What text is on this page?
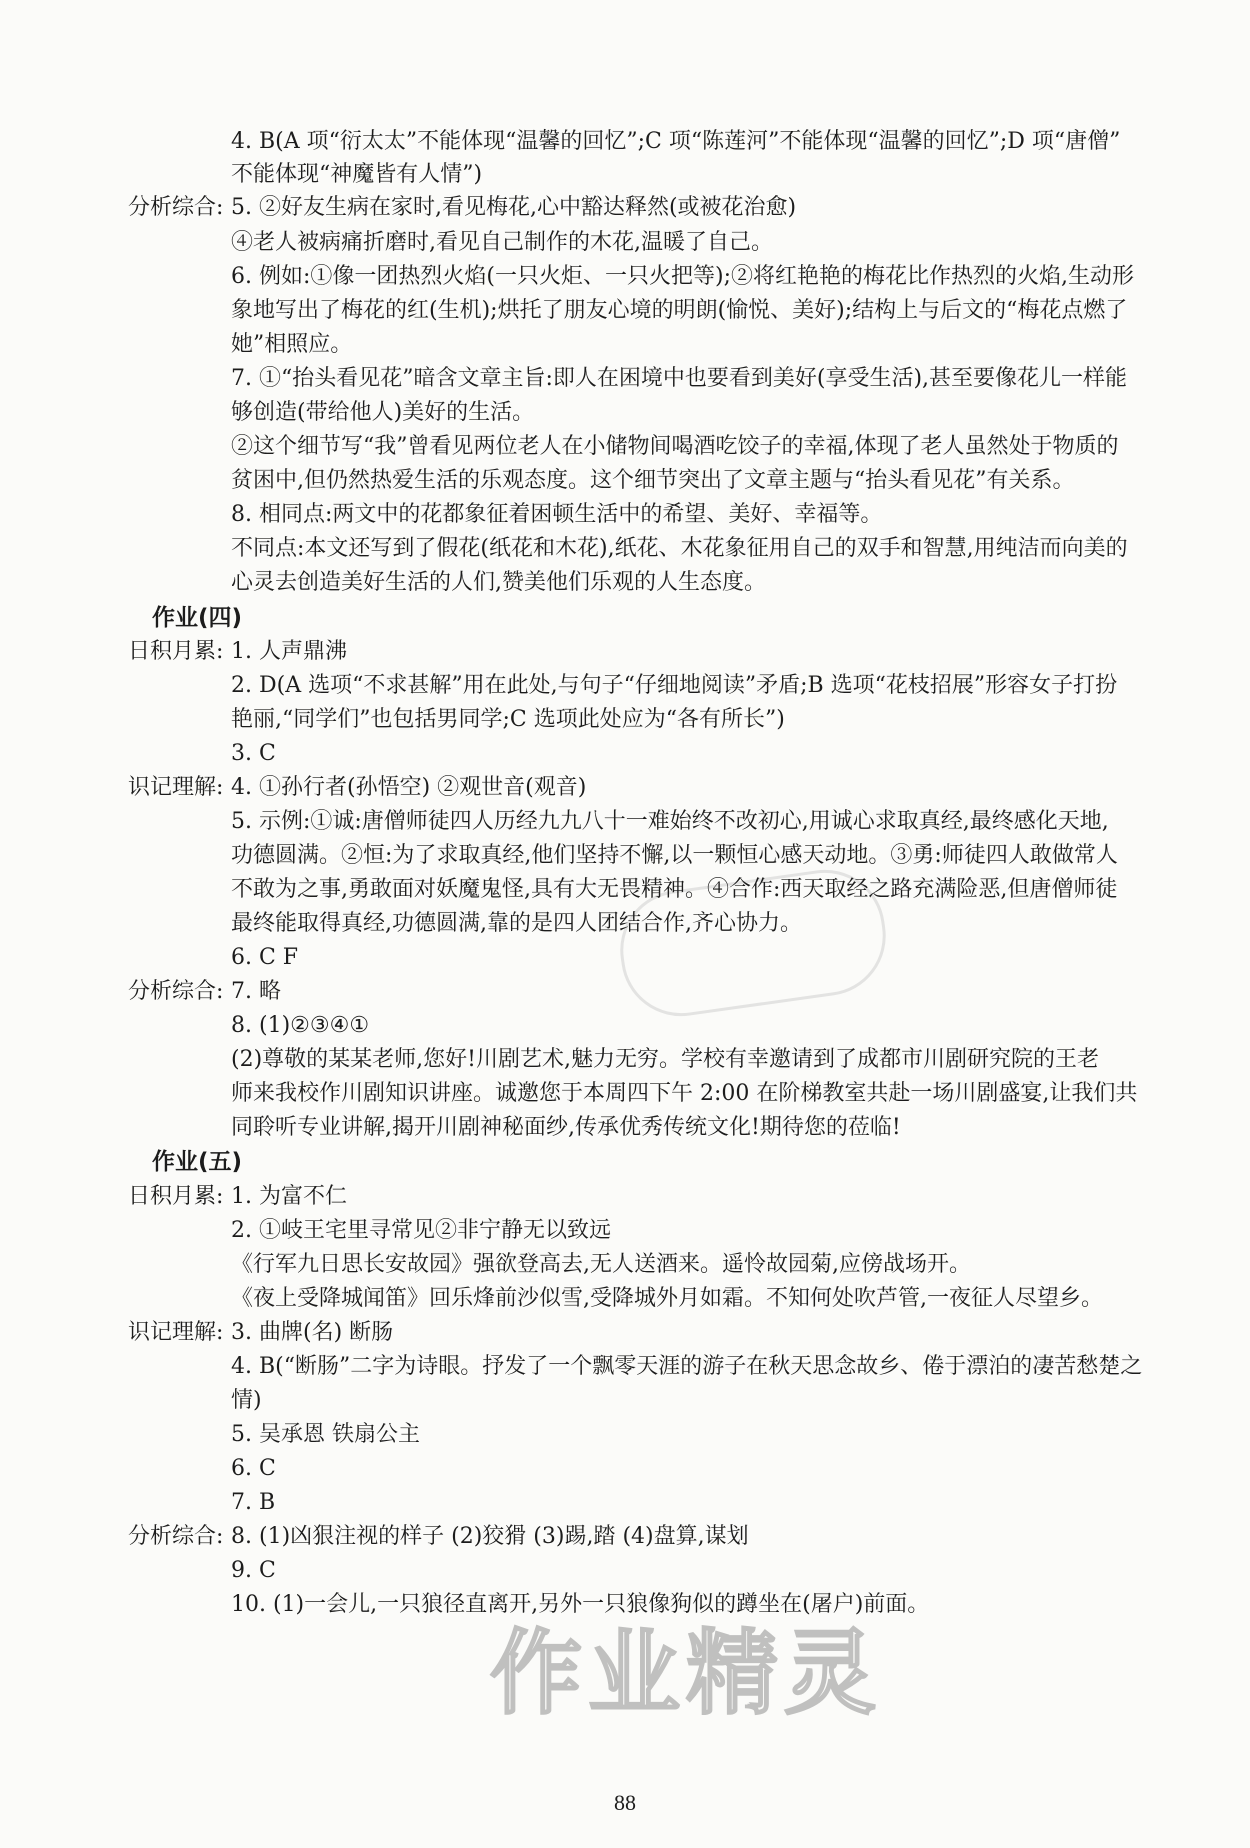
4. B(A 项“衍太太”不能体现“温馨的回忆”;C 项“陈莲河”不能体现“温馨的回忆”;D 项“唐僧”
不能体现“神魔皆有人情”)
分析综合: 5. ②好友生病在家时,看见梅花,心中豁达释然(或被花治愈)
④老人被病痛折磨时,看见自己制作的木花,温暖了自己。
6. 例如:①像一团热烈火焰(一只火炬、一只火把等);②将红艳艳的梅花比作热烈的火焰,生动形
象地写出了梅花的红(生机);烘托了朋友心境的明朗(愉悦、美好);结构上与后文的“梅花点燃了
她”相照应。
7. ①“抬头看见花”暗含文章主旨:即人在困境中也要看到美好(享受生活),甚至要像花儿一样能
够创造(带给他人)美好的生活。
②这个细节写“我”曾看见两位老人在小储物间喝酒吃饺子的幸福,体现了老人虽然处于物质的
贫困中,但仍然热爱生活的乐观态度。这个细节突出了文章主题与“抬头看见花”有关系。
8. 相同点:两文中的花都象征着困顿生活中的希望、美好、幸福等。
不同点:本文还写到了假花(纸花和木花),纸花、木花象征用自己的双手和智慧,用纯洁而向美的
心灵去创造美好生活的人们,赞美他们乐观的人生态度。
作业(四)
日积月累: 1. 人声鼎沸
2. D(A 选项“不求甚解”用在此处,与句子“仔细地阅读”矛盾;B 选项“花枝招展”形容女子打扮
艳丽,“同学们”也包括男同学;C 选项此处应为“各有所长”)
3. C
识记理解: 4. ①孙行者(孙悟空) ②观世音(观音)
5. 示例:①诚:唐僧师徒四人历经九九八十一难始终不改初心,用诚心求取真经,最终感化天地,
功德圆满。②恒:为了求取真经,他们坚持不懈,以一颗恒心感天动地。③勇:师徒四人敢做常人
不敢为之事,勇敢面对妖魔鬼怪,具有大无畏精神。④合作:西天取经之路充满险恶,但唐僧师徒
最终能取得真经,功德圆满,靠的是四人团结合作,齐心协力。
6. C F
分析综合: 7. 略
8. (1)②③④①
(2)尊敬的某某老师,您好!川剧艺术,魅力无穷。学校有幸邀请到了成都市川剧研究院的王老
师来我校作川剧知识讲座。诚邀您于本周四下午 2:00 在阶梯教室共赴一场川剧盛宴,让我们共
同聆听专业讲解,揭开川剧神秘面纱,传承优秀传统文化!期待您的莅临!
作业(五)
日积月累: 1. 为富不仁
2. ①岐王宅里寻常见②非宁静无以致远
《行军九日思长安故园》强欲登高去,无人送酒来。遥怜故园菊,应傍战场开。
《夜上受降城闻笛》回乐烽前沙似雪,受降城外月如霜。不知何处吹芦管,一夜征人尽望乡。
识记理解: 3. 曲牌(名) 断肠
4. B(“断肠”二字为诗眼。抒发了一个飘零天涯的游子在秋天思念故乡、倦于漂泊的凄苦愁楚之
情)
5. 吴承恩 铁扇公主
6. C
7. B
分析综合: 8. (1)凶狠注视的样子 (2)狡猾 (3)踢,踏 (4)盘算,谋划
9. C
10. (1)一会儿,一只狼径直离开,另外一只狼像狗似的蹲坐在(屠户)前面。
作业精灵
88
